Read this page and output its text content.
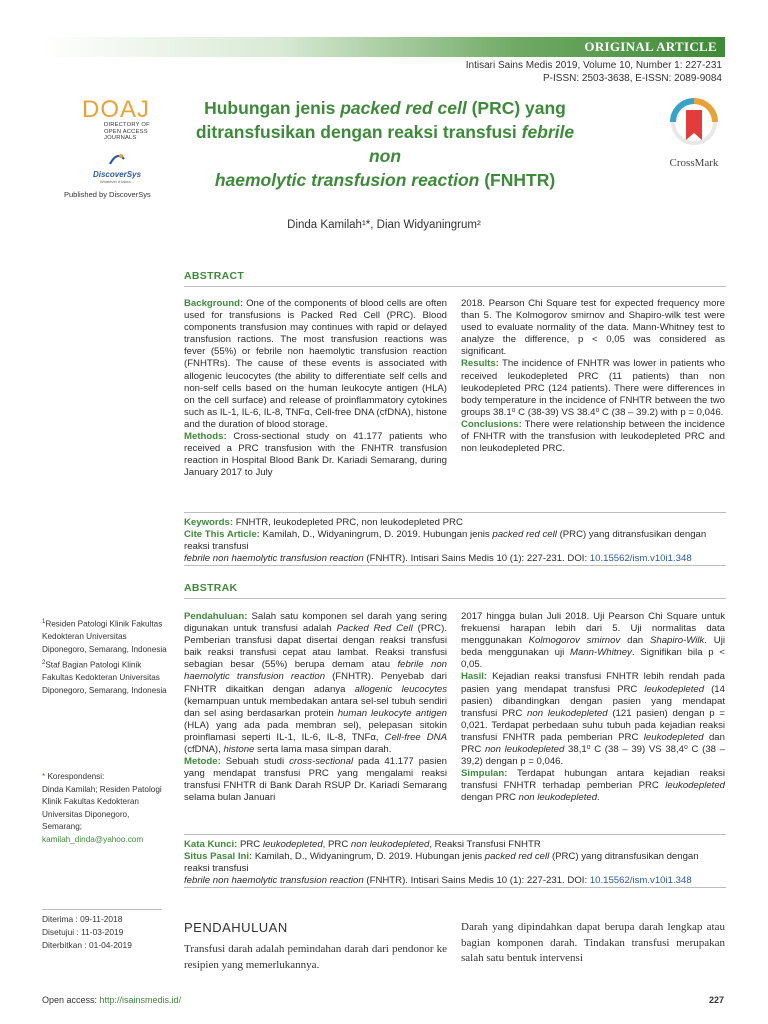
ORIGINAL ARTICLE
Intisari Sains Medis 2019, Volume 10, Number 1: 227-231
P-ISSN: 2503-3638, E-ISSN: 2089-9084
DOAJ
DIRECTORY OF
OPEN ACCESS
JOURNALS
DiscoverSys
Whatever it takes...
Published by DiscoverSys
Hubungan jenis packed red cell (PRC) yang
ditransfusikan dengan reaksi transfusi febrile non
haemolytic transfusion reaction (FNHTR)
CrossMark
Dinda Kamilah¹*, Dian Widyaningrum²
ABSTRACT
Background: One of the components of blood cells are often used for transfusions is Packed Red Cell (PRC). Blood components transfusion may continues with rapid or delayed transfusion ractions. The most transfusion reactions was fever (55%) or febrile non haemolytic transfusion reaction (FNHTRs). The cause of these events is associated with allogenic leucocytes (the ability to differentiate self cells and non-self cells based on the human leukocyte antigen (HLA) on the cell surface) and release of proinflammatory cytokines such as IL-1, IL-6, IL-8, TNFα, Cell-free DNA (cfDNA), histone and the duration of blood storage.
Methods: Cross-sectional study on 41.177 patients who received a PRC transfusion with the FNHTR transfusion reaction in Hospital Blood Bank Dr. Kariadi Semarang, during January 2017 to July
2018. Pearson Chi Square test for expected frequency more than 5. The Kolmogorov smirnov and Shapiro-wilk test were used to evaluate normality of the data. Mann-Whitney test to analyze the difference, p < 0,05 was considered as significant.
Results: The incidence of FNHTR was lower in patients who received leukodepleted PRC (11 patients) than non leukodepleted PRC (124 patients). There were differences in body temperature in the incidence of FNHTR between the two groups 38.1⁰ C (38-39) VS 38.4⁰ C (38 – 39.2) with p = 0,046.
Conclusions: There were relationship between the incidence of FNHTR with the transfusion with leukodepleted PRC and non leukodepleted PRC.
Keywords: FNHTR, leukodepleted PRC, non leukodepleted PRC
Cite This Article: Kamilah, D., Widyaningrum, D. 2019. Hubungan jenis packed red cell (PRC) yang ditransfusikan dengan reaksi transfusi
febrile non haemolytic transfusion reaction (FNHTR). Intisari Sains Medis 10 (1): 227-231. DOI: 10.15562/ism.v10i1.348
ABSTRAK
Pendahuluan: Salah satu komponen sel darah yang sering digunakan untuk transfusi adalah Packed Red Cell (PRC). Pemberian transfusi dapat disertai dengan reaksi transfusi baik reaksi transfusi cepat atau lambat. Reaksi transfusi sebagian besar (55%) berupa demam atau febrile non haemolytic transfusion reaction (FNHTR). Penyebab dari FNHTR dikaitkan dengan adanya allogenic leucocytes (kemampuan untuk membedakan antara sel-sel tubuh sendiri dan sel asing berdasarkan protein human leukocyte antigen (HLA) yang ada pada membran sel), pelepasan sitokin proinflamasi seperti IL-1, IL-6, IL-8, TNFα, Cell-free DNA (cfDNA), histone serta lama masa simpan darah.
Metode: Sebuah studi cross-sectional pada 41.177 pasien yang mendapat transfusi PRC yang mengalami reaksi transfusi FNHTR di Bank Darah RSUP Dr. Kariadi Semarang selama bulan Januari
2017 hingga bulan Juli 2018. Uji Pearson Chi Square untuk frekuensi harapan lebih dari 5. Uji normalitas data menggunakan Kolmogorov smirnov dan Shapiro-Wilk. Uji beda menggunakan uji Mann-Whitney. Signifikan bila p < 0,05.
Hasil: Kejadian reaksi transfusi FNHTR lebih rendah pada pasien yang mendapat transfusi PRC leukodepleted (14 pasien) dibandingkan dengan pasien yang mendapat transfusi PRC non leukodepleted (121 pasien) dengan p = 0,021. Terdapat perbedaan suhu tubuh pada kejadian reaksi transfusi FNHTR pada pemberian PRC leukodepleted dan PRC non leukodepleted 38,1⁰ C (38 – 39) VS 38,4⁰ C (38 – 39,2) dengan p = 0,046.
Simpulan: Terdapat hubungan antara kejadian reaksi transfusi FNHTR terhadap pemberian PRC leukodepleted dengan PRC non leukodepleted.
Kata Kunci: PRC leukodepleted, PRC non leukodepleted, Reaksi Transfusi FNHTR
Situs Pasal Ini: Kamilah, D., Widyaningrum, D. 2019. Hubungan jenis packed red cell (PRC) yang ditransfusikan dengan reaksi transfusi
febrile non haemolytic transfusion reaction (FNHTR). Intisari Sains Medis 10 (1): 227-231. DOI: 10.15562/ism.v10i1.348
$^1$Residen Patologi Klinik Fakultas Kedokteran Universitas Diponegoro, Semarang, Indonesia
$^2$Staf Bagian Patologi Klinik Fakultas Kedokteran Universitas Diponegoro, Semarang, Indonesia
* Korespondensi:
Dinda Kamilah; Residen Patologi Klinik Fakultas Kedokteran Universitas Diponegoro, Semarang;
kamilah_dinda@yahoo.com
Diterima : 09-11-2018
Disetujui : 11-03-2019
Diterbitkan : 01-04-2019
PENDAHULUAN
Transfusi darah adalah pemindahan darah dari pendonor ke resipien yang memerlukannya.
Darah yang dipindahkan dapat berupa darah lengkap atau bagian komponen darah. Tindakan transfusi merupakan salah satu bentuk intervensi
Open access: http://isainsmedis.id/	227
